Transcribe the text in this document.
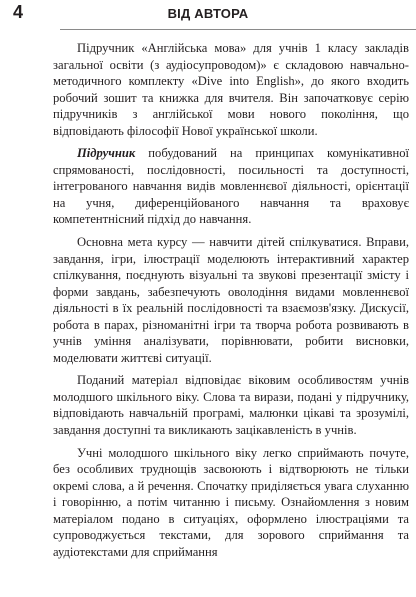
4	ВІД АВТОРА

Підручник «Англійська мова» для учнів 1 класу закладів загальної освіти (з аудіосупроводом)» є складовою навчально-методичного комплекту «Dive into English», до якого входить робочий зошит та книжка для вчителя. Він започатковує серію підручників з англійської мови нового покоління, що відповідають філософії Нової української школи.

Підручник побудований на принципах комунікативної спрямованості, послідовності, посильності та доступності, інтегрованого навчання видів мовленнєвої діяльності, орієнтації на учня, диференційованого навчання та враховує компетентнісний підхід до навчання.

Основна мета курсу — навчити дітей спілкуватися. Вправи, завдання, ігри, ілюстрації моделюють інтерактивний характер спілкування, поєднують візуальні та звукові презентації змісту і форми завдань, забезпечують оволодіння видами мовленнєвої діяльності в їх реальній послідовності та взаємозв'язку. Дискусії, робота в парах, різноманітні ігри та творча робота розвивають в учнів уміння аналізувати, порівнювати, робити висновки, моделювати життєві ситуації.

Поданий матеріал відповідає віковим особливостям учнів молодшого шкільного віку. Слова та вирази, подані у підручнику, відповідають навчальній програмі, малюнки цікаві та зрозумілі, завдання доступні та викликають зацікавленість в учнів.

Учні молодшого шкільного віку легко сприймають почуте, без особливих труднощів засвоюють і відтворюють не тільки окремі слова, а й речення. Спочатку приділяється увага слуханню і говорінню, а потім читанню і письму. Ознайомлення з новим матеріалом подано в ситуаціях, оформлено ілюстраціями та супроводжується текстами, для зорового сприймання та аудіотекстами для сприймання
